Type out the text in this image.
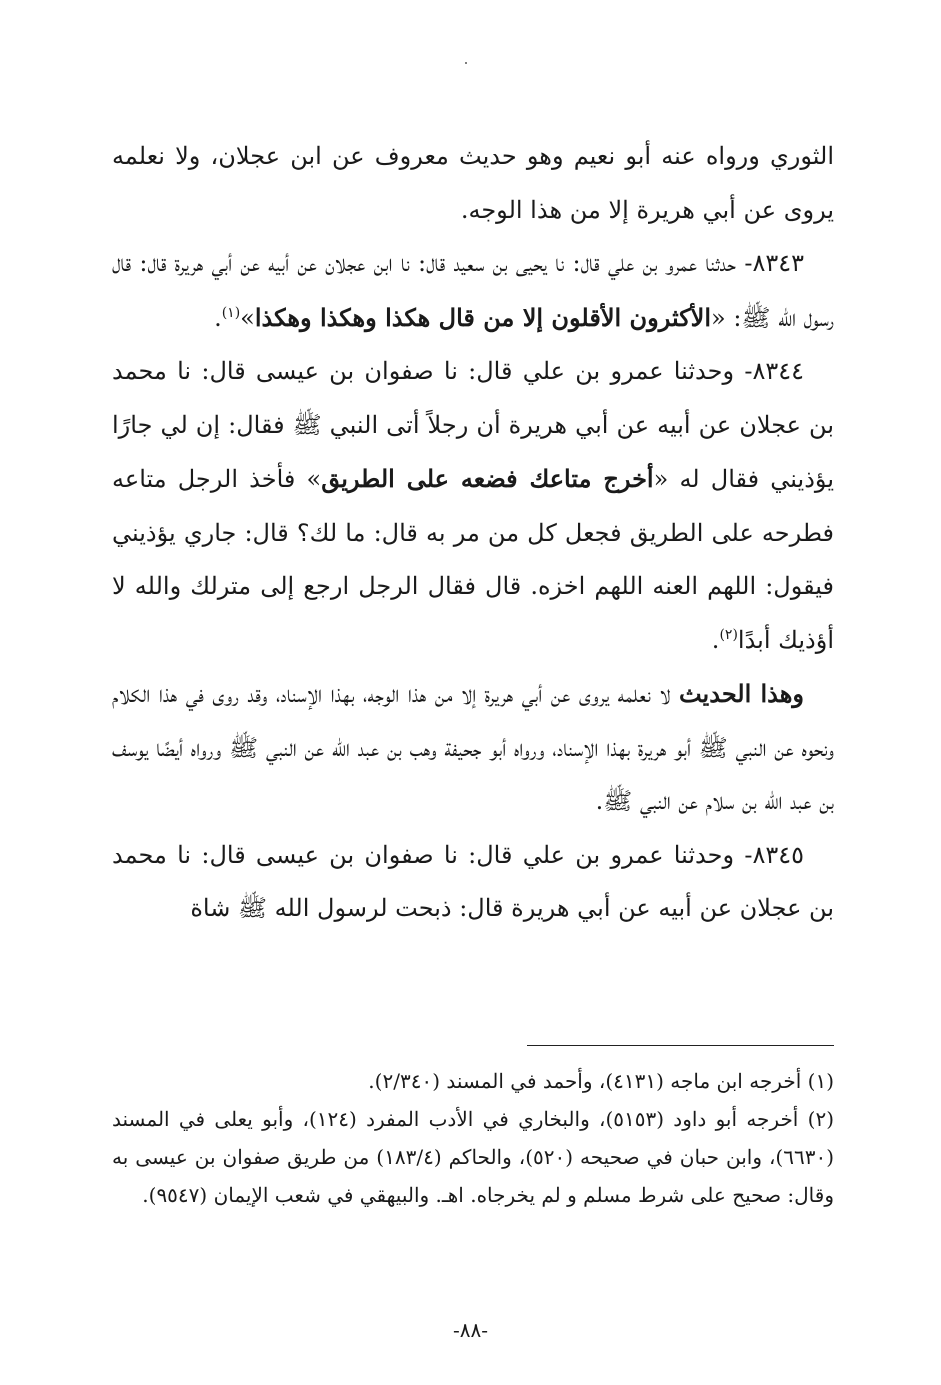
الثوري ورواه عنه أبو نعيم وهو حديث معروف عن ابن عجلان، ولا نعلمه يروى عن أبي هريرة إلا من هذا الوجه.

٨٣٤٣- حدثنا عمرو بن علي قال: نا يحيى بن سعيد قال: نا ابن عجلان عن أبيه عن أبي هريرة قال: قال رسول الله ﷺ: «الأكثرون الأقلون إلا من قال هكذا وهكذا وهكذا»$^{(١)}$.

٨٣٤٤- وحدثنا عمرو بن علي قال: نا صفوان بن عيسى قال: نا محمد بن عجلان عن أبيه عن أبي هريرة أن رجلاً أتى النبي ﷺ فقال: إن لي جارًا يؤذيني فقال له «أخرج متاعك فضعه على الطريق» فأخذ الرجل متاعه فطرحه على الطريق فجعل كل من مر به قال: ما لك؟ قال: جاري يؤذيني فيقول: اللهم العنه اللهم اخزه. قال فقال الرجل ارجع إلى مترلك والله لا أؤذيك أبدًا$^{(٢)}$.

وهذا الحديث لا نعلمه يروى عن أبي هريرة إلا من هذا الوجه، بهذا الإسناد، وقد روى في هذا الكلام ونحوه عن النبي ﷺ أبو هريرة بهذا الإسناد، ورواه أبو جحيفة وهب بن عبد الله عن النبي ﷺ ورواه أيضًا يوسف بن عبد الله بن سلام عن النبي ﷺ.

٨٣٤٥- وحدثنا عمرو بن علي قال: نا صفوان بن عيسى قال: نا محمد بن عجلان عن أبيه عن أبي هريرة قال: ذبحت لرسول الله ﷺ شاة

(١) أخرجه ابن ماجه (٤١٣١)، وأحمد في المسند (٢/٣٤٠).

(٢) أخرجه أبو داود (٥١٥٣)، والبخاري في الأدب المفرد (١٢٤)، وأبو يعلى في المسند (٦٦٣٠)، وابن حبان في صحيحه (٥٢٠)، والحاكم (١٨٣/٤) من طريق صفوان بن عيسى به وقال: صحيح على شرط مسلم و لم يخرجاه. اهـ. والبيهقي في شعب الإيمان (٩٥٤٧).

-٨٨-
